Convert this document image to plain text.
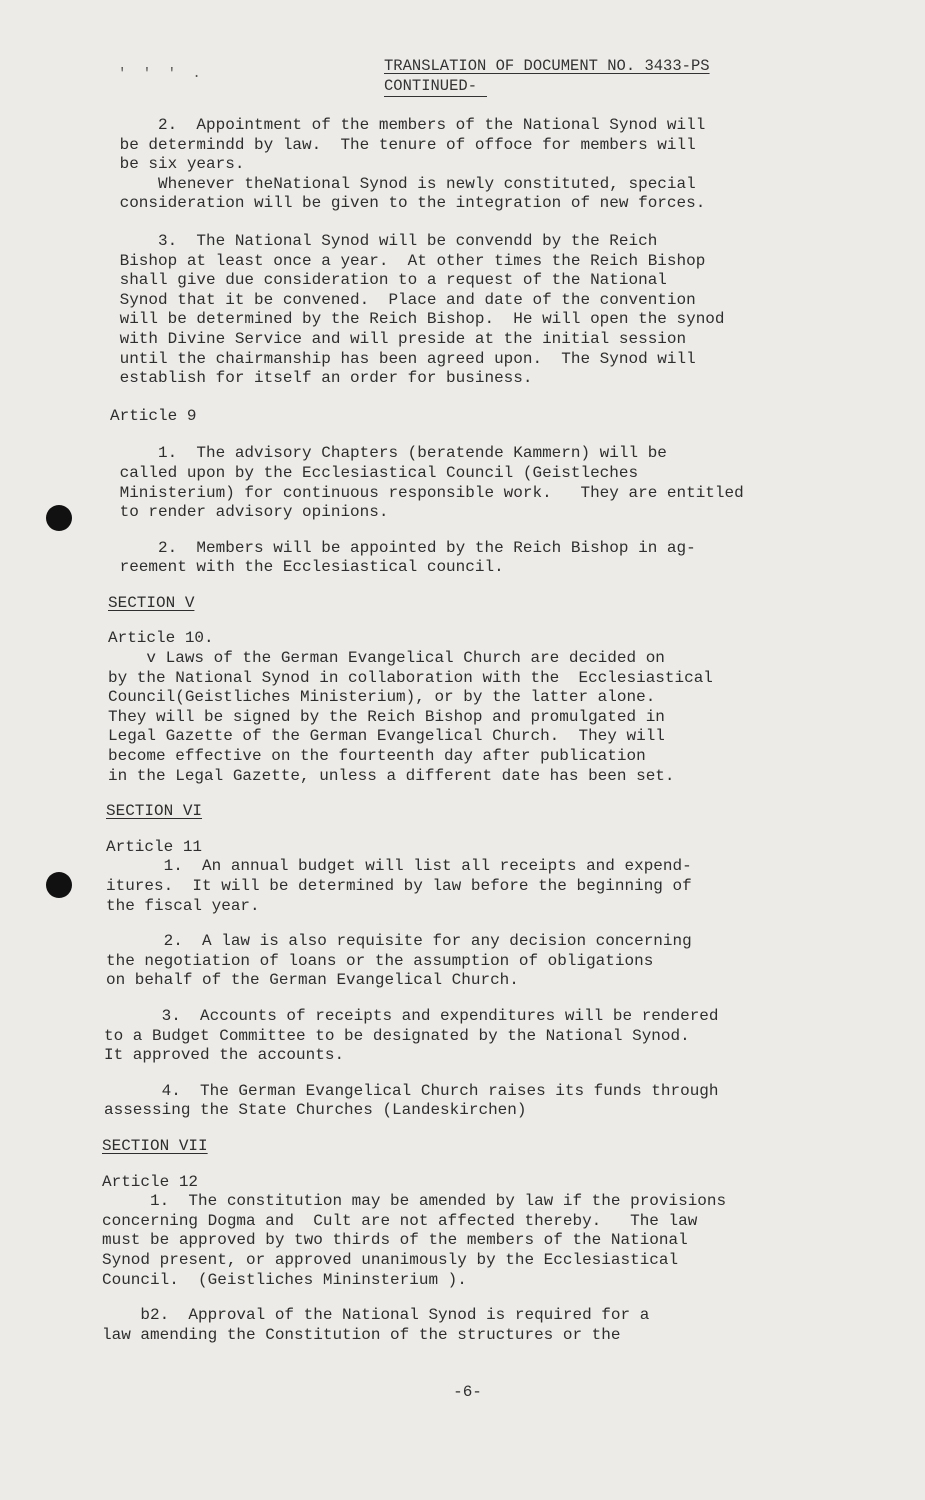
' ' ' .	TRANSLATION OF DOCUMENT NO. 3433-PS
CONTINUED-
2.  Appointment of the members of the National Synod will
be determindd by law.  The tenure of offoce for members will
be six years.
Whenever theNational Synod is newly constituted, special
consideration will be given to the integration of new forces.
3.  The National Synod will be convendd by the Reich
Bishop at least once a year.  At other times the Reich Bishop
shall give due consideration to a request of the National
Synod that it be convened.  Place and date of the convention
will be determined by the Reich Bishop.  He will open the synod
with Divine Service and will preside at the initial session
until the chairmanship has been agreed upon.  The Synod will
establish for itself an order for business.
Article 9
1.  The advisory Chapters (beratende Kammern) will be
called upon by the Ecclesiastical Council (Geistleches
Ministerium) for continuous responsible work.   They are entitled
to render advisory opinions.
2.  Members will be appointed by the Reich Bishop in ag-
reement with the Ecclesiastical council.
SECTION V
Article 10.
v Laws of the German Evangelical Church are decided on
by the National Synod in collaboration with the  Ecclesiastical
Council(Geistliches Ministerium), or by the latter alone.
They will be signed by the Reich Bishop and promulgated in
Legal Gazette of the German Evangelical Church.  They will
become effective on the fourteenth day after publication
in the Legal Gazette, unless a different date has been set.
SECTION VI
Article 11
1.  An annual budget will list all receipts and expend-
itures.  It will be determined by law before the beginning of
the fiscal year.
2.  A law is also requisite for any decision concerning
the negotiation of loans or the assumption of obligations
on behalf of the German Evangelical Church.
3.  Accounts of receipts and expenditures will be rendered
to a Budget Committee to be designated by the National Synod.
It approved the accounts.
4.  The German Evangelical Church raises its funds through
assessing the State Churches (Landeskirchen)
SECTION VII
Article 12
1.  The constitution may be amended by law if the provisions
concerning Dogma and  Cult are not affected thereby.   The law
must be approved by two thirds of the members of the National
Synod present, or approved unanimously by the Ecclesiastical
Council.  (Geistliches Mininsterium ).
b2.  Approval of the National Synod is required for a
law amending the Constitution of the structures or the
-6-
